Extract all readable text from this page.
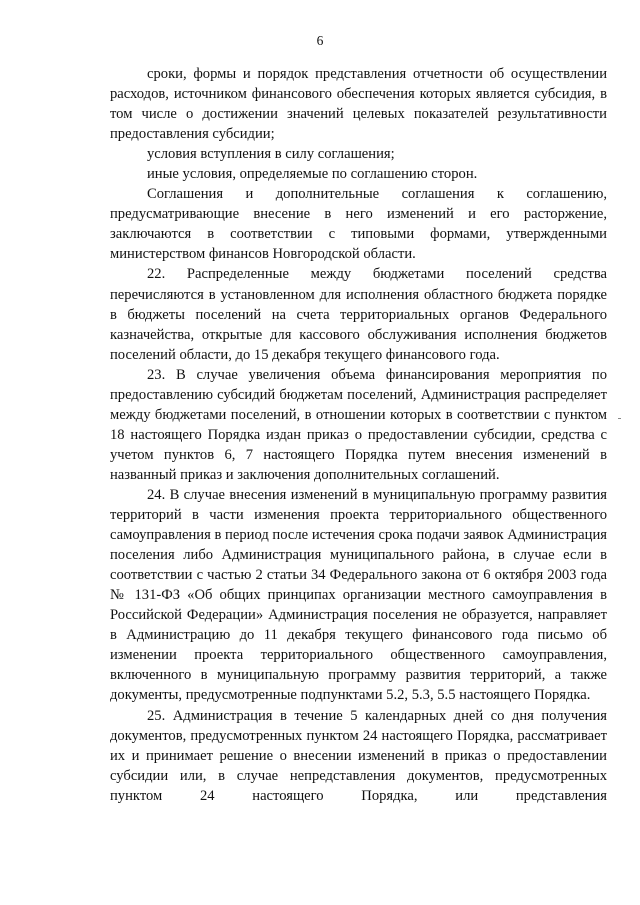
6

сроки, формы и порядок представления отчетности об осуществлении расходов, источником финансового обеспечения которых является субсидия, в том числе о достижении значений целевых показателей результативности предоставления субсидии;

условия вступления в силу соглашения;

иные условия, определяемые по соглашению сторон.

Соглашения и дополнительные соглашения к соглашению, предусматривающие внесение в него изменений и его расторжение, заключаются в соответствии с типовыми формами, утвержденными министерством финансов Новгородской области.

22. Распределенные между бюджетами поселений средства перечисляются в установленном для исполнения областного бюджета порядке в бюджеты поселений на счета территориальных органов Федерального казначейства, открытые для кассового обслуживания исполнения бюджетов поселений области, до 15 декабря текущего финансового года.

23. В случае увеличения объема финансирования мероприятия по предоставлению субсидий бюджетам поселений, Администрация распределяет между бюджетами поселений, в отношении которых в соответствии с пунктом 18 настоящего Порядка издан приказ о предоставлении субсидии, средства с учетом пунктов 6, 7 настоящего Порядка путем внесения изменений в названный приказ и заключения дополнительных соглашений.

24. В случае внесения изменений в муниципальную программу развития территорий в части изменения проекта территориального общественного самоуправления в период после истечения срока подачи заявок Администрация поселения либо Администрация муниципального района, в случае если в соответствии с частью 2 статьи 34 Федерального закона от 6 октября 2003 года № 131-ФЗ «Об общих принципах организации местного самоуправления в Российской Федерации» Администрация поселения не образуется, направляет в Администрацию до 11 декабря текущего финансового года письмо об изменении проекта территориального общественного самоуправления, включенного в муниципальную программу развития территорий, а также документы, предусмотренные подпунктами 5.2, 5.3, 5.5 настоящего Порядка.

25. Администрация в течение 5 календарных дней со дня получения документов, предусмотренных пунктом 24 настоящего Порядка, рассматривает их и принимает решение о внесении изменений в приказ о предоставлении субсидии или, в случае непредставления документов, предусмотренных пунктом 24 настоящего Порядка, или представления
